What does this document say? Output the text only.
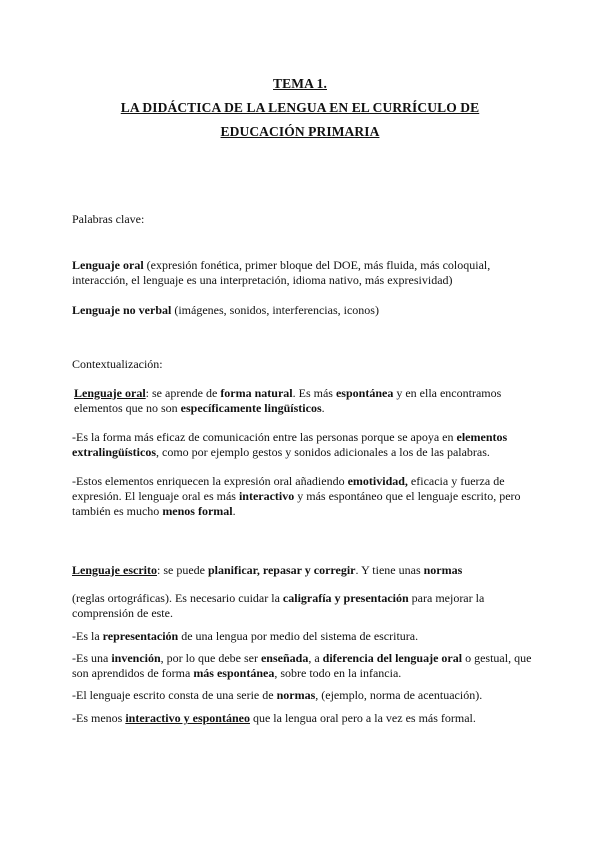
TEMA 1.
LA DIDÁCTICA DE LA LENGUA EN EL CURRÍCULO DE
EDUCACIÓN PRIMARIA

Palabras clave:

Lenguaje oral (expresión fonética, primer bloque del DOE, más fluida, más coloquial, interacción, el lenguaje es una interpretación, idioma nativo, más expresividad)

Lenguaje no verbal (imágenes, sonidos, interferencias, iconos)

Contextualización:

Lenguaje oral: se aprende de forma natural. Es más espontánea y en ella encontramos elementos que no son específicamente lingüísticos.

-Es la forma más eficaz de comunicación entre las personas porque se apoya en elementos extralingüísticos, como por ejemplo gestos y sonidos adicionales a los de las palabras.

-Estos elementos enriquecen la expresión oral añadiendo emotividad, eficacia y fuerza de expresión. El lenguaje oral es más interactivo y más espontáneo que el lenguaje escrito, pero también es mucho menos formal.

Lenguaje escrito: se puede planificar, repasar y corregir. Y tiene unas normas

(reglas ortográficas). Es necesario cuidar la caligrafía y presentación para mejorar la comprensión de este.

-Es la representación de una lengua por medio del sistema de escritura.

-Es una invención, por lo que debe ser enseñada, a diferencia del lenguaje oral o gestual, que son aprendidos de forma más espontánea, sobre todo en la infancia.

-El lenguaje escrito consta de una serie de normas, (ejemplo, norma de acentuación).

-Es menos interactivo y espontáneo que la lengua oral pero a la vez es más formal.
